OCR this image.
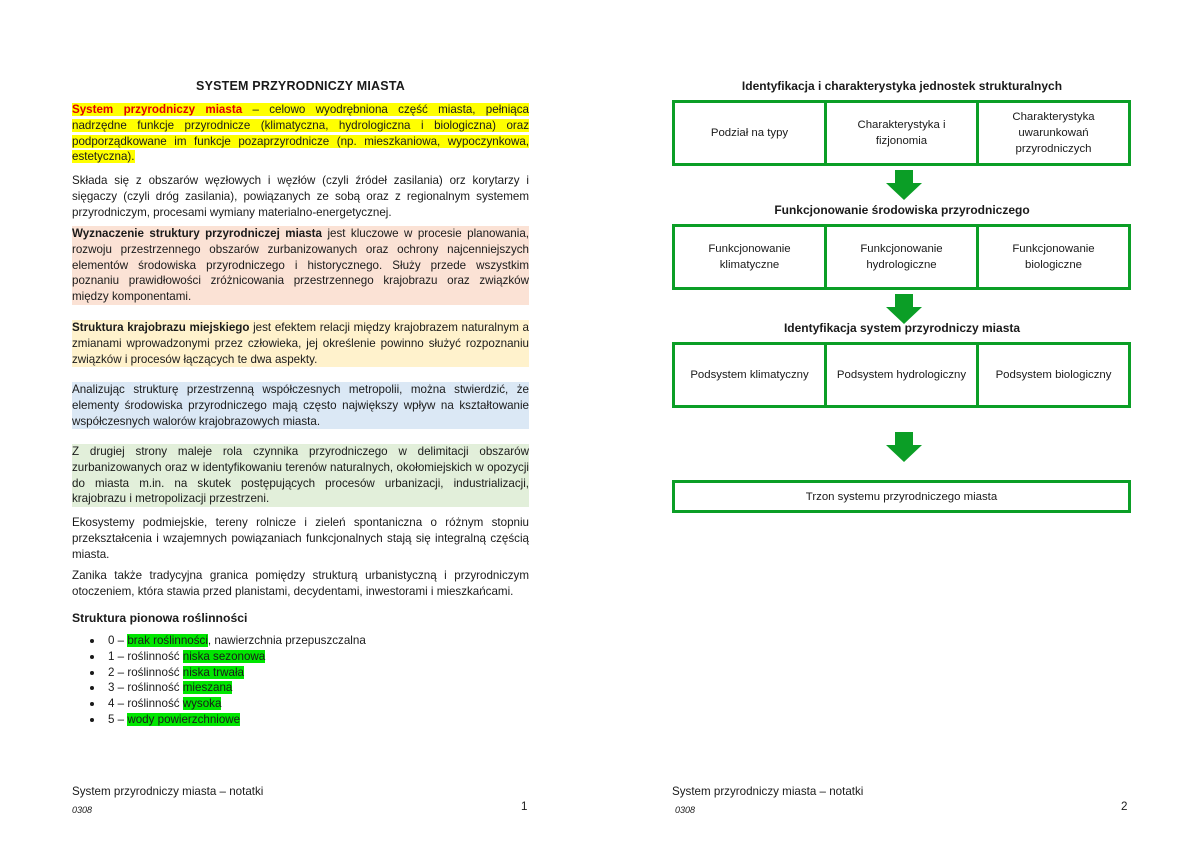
SYSTEM PRZYRODNICZY MIASTA

System przyrodniczy miasta – celowo wyodrębniona część miasta, pełniąca nadrzędne funkcje przyrodnicze (klimatyczna, hydrologiczna i biologiczna) oraz podporządkowane im funkcje pozaprzyrodnicze (np. mieszkaniowa, wypoczynkowa, estetyczna).

Składa się z obszarów węzłowych i węzłów (czyli źródeł zasilania) orz korytarzy i sięgaczy (czyli dróg zasilania), powiązanych ze sobą oraz z regionalnym systemem przyrodniczym, procesami wymiany materialno-energetycznej.

Wyznaczenie struktury przyrodniczej miasta jest kluczowe w procesie planowania, rozwoju przestrzennego obszarów zurbanizowanych oraz ochrony najcenniejszych elementów środowiska przyrodniczego i historycznego. Służy przede wszystkim poznaniu prawidłowości zróżnicowania przestrzennego krajobrazu oraz związków między komponentami.

Struktura krajobrazu miejskiego jest efektem relacji między krajobrazem naturalnym a zmianami wprowadzonymi przez człowieka, jej określenie powinno służyć rozpoznaniu związków i procesów łączących te dwa aspekty.

Analizując strukturę przestrzenną współczesnych metropolii, można stwierdzić, że elementy środowiska przyrodniczego mają często największy wpływ na kształtowanie współczesnych walorów krajobrazowych miasta.

Z drugiej strony maleje rola czynnika przyrodniczego w delimitacji obszarów zurbanizowanych oraz w identyfikowaniu terenów naturalnych, okołomiejskich w opozycji do miasta m.in. na skutek postępujących procesów urbanizacji, industrializacji, krajobrazu i metropolizacji przestrzeni.

Ekosystemy podmiejskie, tereny rolnicze i zieleń spontaniczna o różnym stopniu przekształcenia i wzajemnych powiązaniach funkcjonalnych stają się integralną częścią miasta.

Zanika także tradycyjna granica pomiędzy strukturą urbanistyczną i przyrodniczym otoczeniem, która stawia przed planistami, decydentami, inwestorami i mieszkańcami.

Struktura pionowa roślinności
0 – brak roślinności, nawierzchnia przepuszczalna
1 – roślinność niska sezonowa
2 – roślinność niska trwała
3 – roślinność mieszana
4 – roślinność wysoka
5 – wody powierzchniowe
System przyrodniczy miasta – notatki
0308	1
Identyfikacja i charakterystyka jednostek strukturalnych
Podział na typy
Charakterystyka i fizjonomia
Charakterystyka uwarunkowań przyrodniczych
Funkcjonowanie środowiska przyrodniczego
Funkcjonowanie klimatyczne
Funkcjonowanie hydrologiczne
Funkcjonowanie biologiczne
Identyfikacja system przyrodniczy miasta
Podsystem klimatyczny	Podsystem hydrologiczny	Podsystem biologiczny
Trzon systemu przyrodniczego miasta
System przyrodniczy miasta – notatki
0308	2
